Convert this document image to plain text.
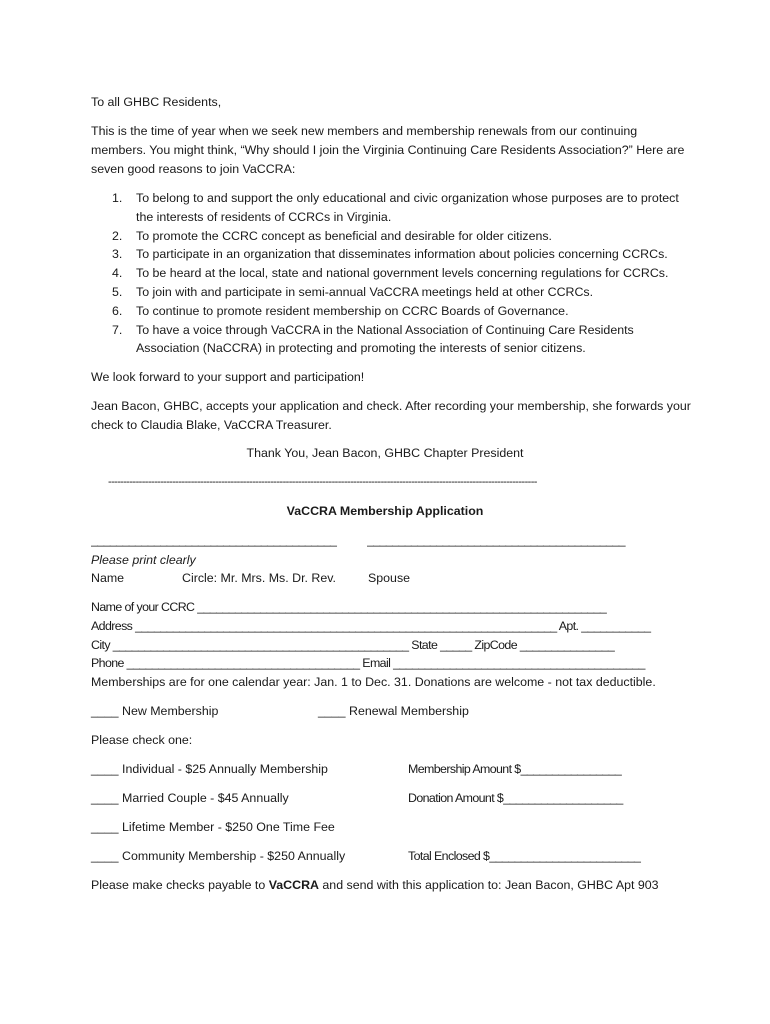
To all GHBC Residents,

This is the time of year when we seek new members and membership renewals from our continuing members. You might think, “Why should I join the Virginia Continuing Care Residents Association?” Here are seven good reasons to join VaCCRA:

1. To belong to and support the only educational and civic organization whose purposes are to protect the interests of residents of CCRCs in Virginia.
2. To promote the CCRC concept as beneficial and desirable for older citizens.
3. To participate in an organization that disseminates information about policies concerning CCRCs.
4. To be heard at the local, state and national government levels concerning regulations for CCRCs.
5. To join with and participate in semi-annual VaCCRA meetings held at other CCRCs.
6. To continue to promote resident membership on CCRC Boards of Governance.
7. To have a voice through VaCCRA in the National Association of Continuing Care Residents Association (NaCCRA) in protecting and promoting the interests of senior citizens.
We look forward to your support and participation!

Jean Bacon, GHBC, accepts your application and check. After recording your membership, she forwards your check to Claudia Blake, VaCCRA Treasurer.

Thank You, Jean Bacon, GHBC Chapter President
--------------------------------------------------------------------------------------------------------------------------------------------
VaCCRA Membership Application
_______________________________________	_________________________________________
Please print clearly
Name	Circle: Mr. Mrs. Ms. Dr. Rev.	Spouse
Name of your CCRC _________________________________________________________________
Address ___________________________________________________________________ Apt. ___________
City _______________________________________________ State _____ ZipCode _______________
Phone _____________________________________ Email ________________________________________
Memberships are for one calendar year: Jan. 1 to Dec. 31. Donations are welcome - not tax deductible.
____ New Membership	____ Renewal Membership
Please check one:
____ Individual - $25 Annually Membership	Membership Amount $________________
____ Married Couple - $45 Annually	Donation Amount $___________________
____ Lifetime Member - $250 One Time Fee
____ Community Membership - $250 Annually	Total Enclosed $________________________
Please make checks payable to VaCCRA and send with this application to: Jean Bacon, GHBC Apt 903
